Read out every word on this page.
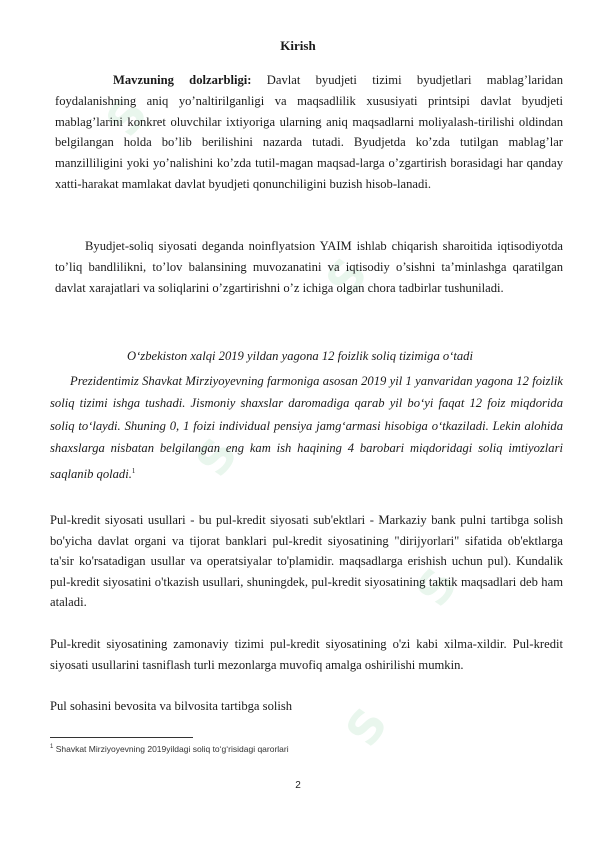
S
S
S
S
S
Kirish

Mavzuning dolzarbligi: Davlat byudjeti tizimi byudjetlari mablag’laridan foydalanishning aniq yo’naltirilganligi va maqsadlilik xususiyati printsipi davlat byudjeti mablag’larini konkret oluvchilar ixtiyoriga ularning aniq maqsadlarni moliyalash-tirilishi oldindan belgilangan holda bo’lib berilishini nazarda tutadi. Byudjetda ko’zda tutilgan mablag’lar manzilliligini yoki yo’nalishini ko’zda tutil-magan maqsad-larga o’zgartirish borasidagi har qanday xatti-harakat mamlakat davlat byudjeti qonunchiligini buzish hisob-lanadi.

Byudjet-soliq siyosati deganda noinflyatsion YAIM ishlab chiqarish sharoitida iqtisodiyotda to’liq bandlilikni, to’lov balansining muvozanatini va iqtisodiy o’sishni ta’minlashga qaratilgan davlat xarajatlari va soliqlarini o’zgartirishni o’z ichiga olgan chora tadbirlar tushuniladi.

O‘zbekiston xalqi 2019 yildan yagona 12 foizlik soliq tizimiga o‘tadi

Prezidentimiz Shavkat Mirziyoyevning farmoniga asosan 2019 yil 1 yanvaridan yagona 12 foizlik soliq tizimi ishga tushadi. Jismoniy shaxslar daromadiga qarab yil bo‘yi faqat 12 foiz miqdorida soliq to‘laydi. Shuning 0, 1 foizi individual pensiya jamg‘armasi hisobiga o‘tkaziladi. Lekin alohida shaxslarga nisbatan belgilangan eng kam ish haqining 4 barobari miqdoridagi soliq imtiyozlari saqlanib qoladi.$^1$

Pul-kredit siyosati usullari - bu pul-kredit siyosati sub'ektlari - Markaziy bank pulni tartibga solish bo'yicha davlat organi va tijorat banklari pul-kredit siyosatining "dirijyorlari" sifatida ob'ektlarga ta'sir ko'rsatadigan usullar va operatsiyalar to'plamidir. maqsadlarga erishish uchun pul). Kundalik pul-kredit siyosatini o'tkazish usullari, shuningdek, pul-kredit siyosatining taktik maqsadlari deb ham ataladi.

Pul-kredit siyosatining zamonaviy tizimi pul-kredit siyosatining o'zi kabi xilma-xildir. Pul-kredit siyosati usullarini tasniflash turli mezonlarga muvofiq amalga oshirilishi mumkin.

Pul sohasini bevosita va bilvosita tartibga solish

$^1$ Shavkat Mirziyoyevning 2019yildagi soliq to‘g‘risidagi qarorlari

2
